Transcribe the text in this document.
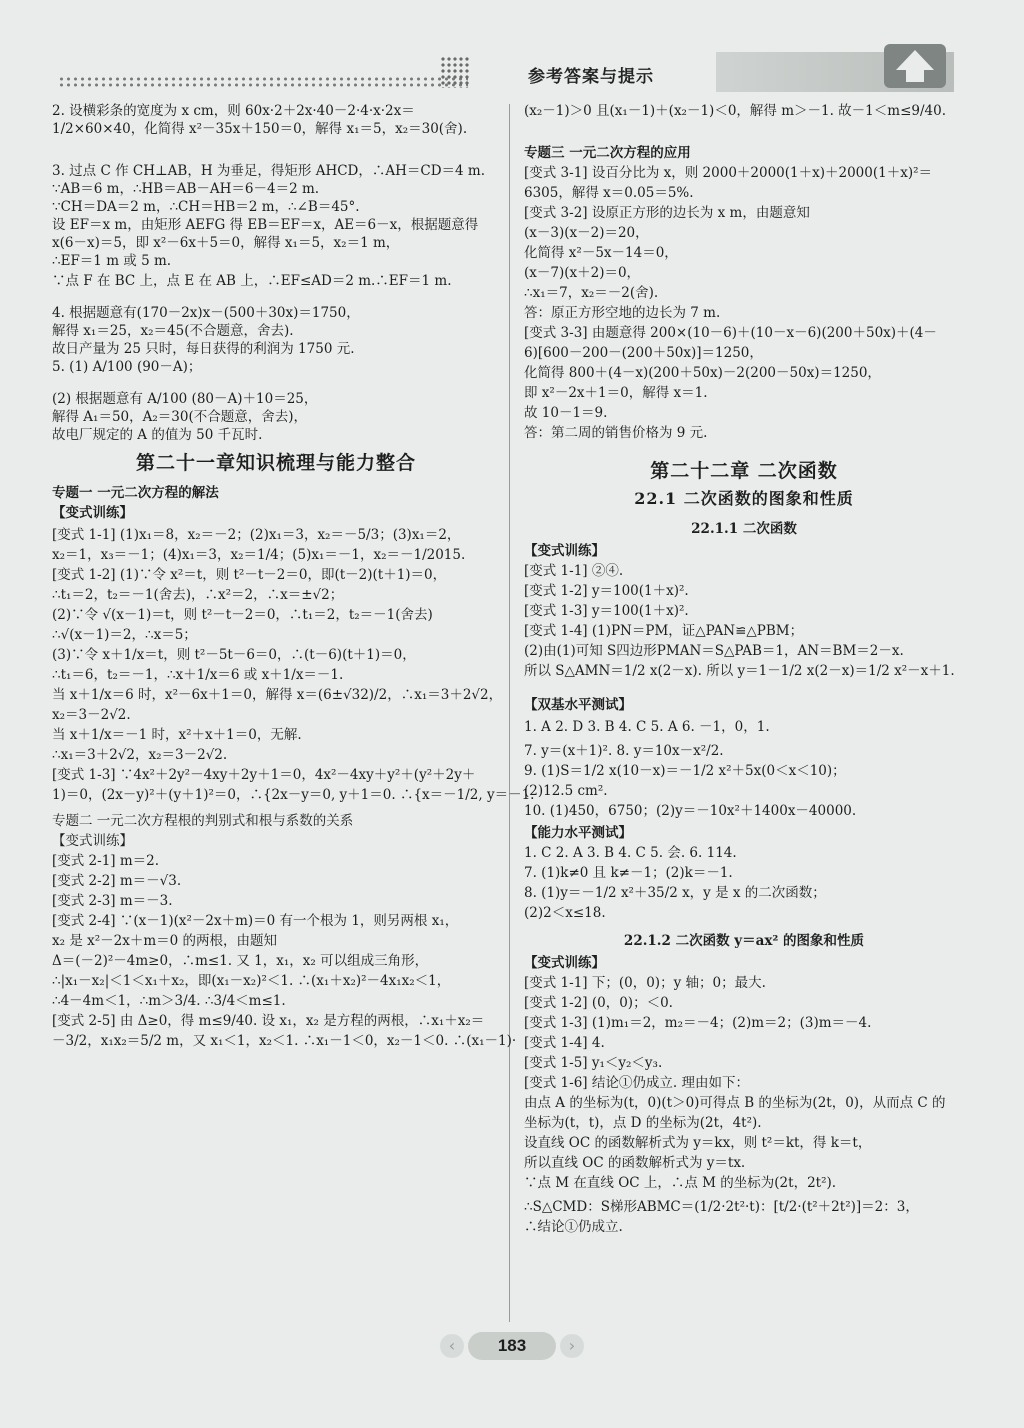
参考答案与提示
2. 设横彩条的宽度为 x cm，则 60x·2＋2x·40－2·4·x·2x＝
1/2×60×40，化简得 x²－35x＋150＝0，解得 x₁＝5，x₂＝30(舍).
3. 过点 C 作 CH⊥AB，H 为垂足，得矩形 AHCD，∴AH＝CD＝4 m.
∵AB＝6 m，∴HB＝AB－AH＝6－4＝2 m.
∵CH＝DA＝2 m，∴CH＝HB＝2 m，∴∠B＝45°.
设 EF＝x m，由矩形 AEFG 得 EB＝EF＝x，AE＝6－x，根据题意得
x(6－x)＝5，即 x²－6x＋5＝0，解得 x₁＝5，x₂＝1 m，
∴EF＝1 m 或 5 m.
∵点 F 在 BC 上，点 E 在 AB 上，∴EF≤AD＝2 m.∴EF＝1 m.
4. 根据题意有(170－2x)x－(500＋30x)＝1750，
解得 x₁＝25，x₂＝45(不合题意，舍去).
故日产量为 25 只时，每日获得的利润为 1750 元.
5. (1) A/100 (90－A)；
(2) 根据题意有 A/100 (80－A)＋10＝25，
解得 A₁＝50，A₂＝30(不合题意，舍去)，
故电厂规定的 A 的值为 50 千瓦时.
第二十一章知识梳理与能力整合
专题一 一元二次方程的解法
【变式训练】
[变式 1-1] (1)x₁＝8，x₂＝－2；(2)x₁＝3，x₂＝－5/3；(3)x₁＝2，
x₂＝1，x₃＝－1；(4)x₁＝3，x₂＝1/4；(5)x₁＝－1，x₂＝－1/2015.
[变式 1-2] (1)∵令 x²＝t，则 t²－t－2＝0，即(t－2)(t＋1)＝0，
∴t₁＝2，t₂＝－1(舍去)，∴x²＝2，∴x＝±√2；
(2)∵令 √(x－1)＝t，则 t²－t－2＝0，∴t₁＝2，t₂＝－1(舍去)
∴√(x－1)＝2，∴x＝5；
(3)∵令 x＋1/x＝t，则 t²－5t－6＝0，∴(t－6)(t＋1)＝0，
∴t₁＝6，t₂＝－1，∴x＋1/x＝6 或 x＋1/x＝－1.
当 x＋1/x＝6 时，x²－6x＋1＝0，解得 x＝(6±√32)/2，∴x₁＝3＋2√2，
x₂＝3－2√2.
当 x＋1/x＝－1 时，x²＋x＋1＝0，无解.
∴x₁＝3＋2√2，x₂＝3－2√2.
[变式 1-3] ∵4x²＋2y²－4xy＋2y＋1＝0，4x²－4xy＋y²＋(y²＋2y＋
1)＝0，(2x－y)²＋(y＋1)²＝0，∴{2x－y＝0, y＋1＝0. ∴{x＝－1/2, y＝－1.
专题二 一元二次方程根的判别式和根与系数的关系
【变式训练】
[变式 2-1] m＝2.
[变式 2-2] m＝－√3.
[变式 2-3] m＝－3.
[变式 2-4] ∵(x－1)(x²－2x＋m)＝0 有一个根为 1，则另两根 x₁，
x₂ 是 x²－2x＋m＝0 的两根，由题知
Δ＝(－2)²－4m≥0，∴m≤1. 又 1，x₁，x₂ 可以组成三角形，
∴|x₁－x₂|＜1＜x₁＋x₂，即(x₁－x₂)²＜1. ∴(x₁＋x₂)²－4x₁x₂＜1，
∴4－4m＜1，∴m＞3/4. ∴3/4＜m≤1.
[变式 2-5] 由 Δ≥0，得 m≤9/40. 设 x₁，x₂ 是方程的两根，∴x₁＋x₂＝
－3/2，x₁x₂＝5/2 m，又 x₁＜1，x₂＜1. ∴x₁－1＜0，x₂－1＜0. ∴(x₁－1)·
(x₂－1)＞0 且(x₁－1)＋(x₂－1)＜0，解得 m＞－1. 故－1＜m≤9/40.
专题三 一元二次方程的应用
[变式 3-1] 设百分比为 x，则 2000＋2000(1＋x)＋2000(1＋x)²＝
6305，解得 x＝0.05＝5%.
[变式 3-2] 设原正方形的边长为 x m，由题意知
(x－3)(x－2)＝20，
化简得 x²－5x－14＝0，
(x－7)(x＋2)＝0，
∴x₁＝7，x₂＝－2(舍).
答：原正方形空地的边长为 7 m.
[变式 3-3] 由题意得 200×(10－6)＋(10－x－6)(200＋50x)＋(4－
6)[600－200－(200＋50x)]＝1250，
化简得 800＋(4－x)(200＋50x)－2(200－50x)＝1250，
即 x²－2x＋1＝0，解得 x＝1.
故 10－1＝9.
答：第二周的销售价格为 9 元.
第二十二章 二次函数
22.1 二次函数的图象和性质
22.1.1 二次函数
【变式训练】
[变式 1-1] ②④.
[变式 1-2] y＝100(1＋x)².
[变式 1-3] y＝100(1＋x)².
[变式 1-4] (1)PN＝PM，证△PAN≌△PBM；
(2)由(1)可知 S四边形PMAN＝S△PAB＝1，AN＝BM＝2－x.
所以 S△AMN＝1/2 x(2－x). 所以 y＝1－1/2 x(2－x)＝1/2 x²－x＋1.
【双基水平测试】
1. A 2. D 3. B 4. C 5. A 6. －1，0，1.
7. y＝(x＋1)². 8. y＝10x－x²/2.
9. (1)S＝1/2 x(10－x)＝－1/2 x²＋5x(0＜x＜10)；
(2)12.5 cm².
10. (1)450，6750；(2)y＝－10x²＋1400x－40000.
【能力水平测试】
1. C 2. A 3. B 4. C 5. 会. 6. 114.
7. (1)k≠0 且 k≠－1；(2)k＝－1.
8. (1)y＝－1/2 x²＋35/2 x，y 是 x 的二次函数；
(2)2＜x≤18.
22.1.2 二次函数 y＝ax² 的图象和性质
【变式训练】
[变式 1-1] 下；(0，0)；y 轴；0；最大.
[变式 1-2] (0，0)；＜0.
[变式 1-3] (1)m₁＝2，m₂＝－4；(2)m＝2；(3)m＝－4.
[变式 1-4] 4.
[变式 1-5] y₁＜y₂＜y₃.
[变式 1-6] 结论①仍成立. 理由如下：
由点 A 的坐标为(t，0)(t＞0)可得点 B 的坐标为(2t，0)，从而点 C 的
坐标为(t，t)，点 D 的坐标为(2t，4t²).
设直线 OC 的函数解析式为 y＝kx，则 t²＝kt，得 k＝t，
所以直线 OC 的函数解析式为 y＝tx.
∵点 M 在直线 OC 上，∴点 M 的坐标为(2t，2t²).
∴S△CMD：S梯形ABMC＝(1/2·2t²·t)：[t/2·(t²＋2t²)]＝2：3，
∴结论①仍成立.
‹	183	›
